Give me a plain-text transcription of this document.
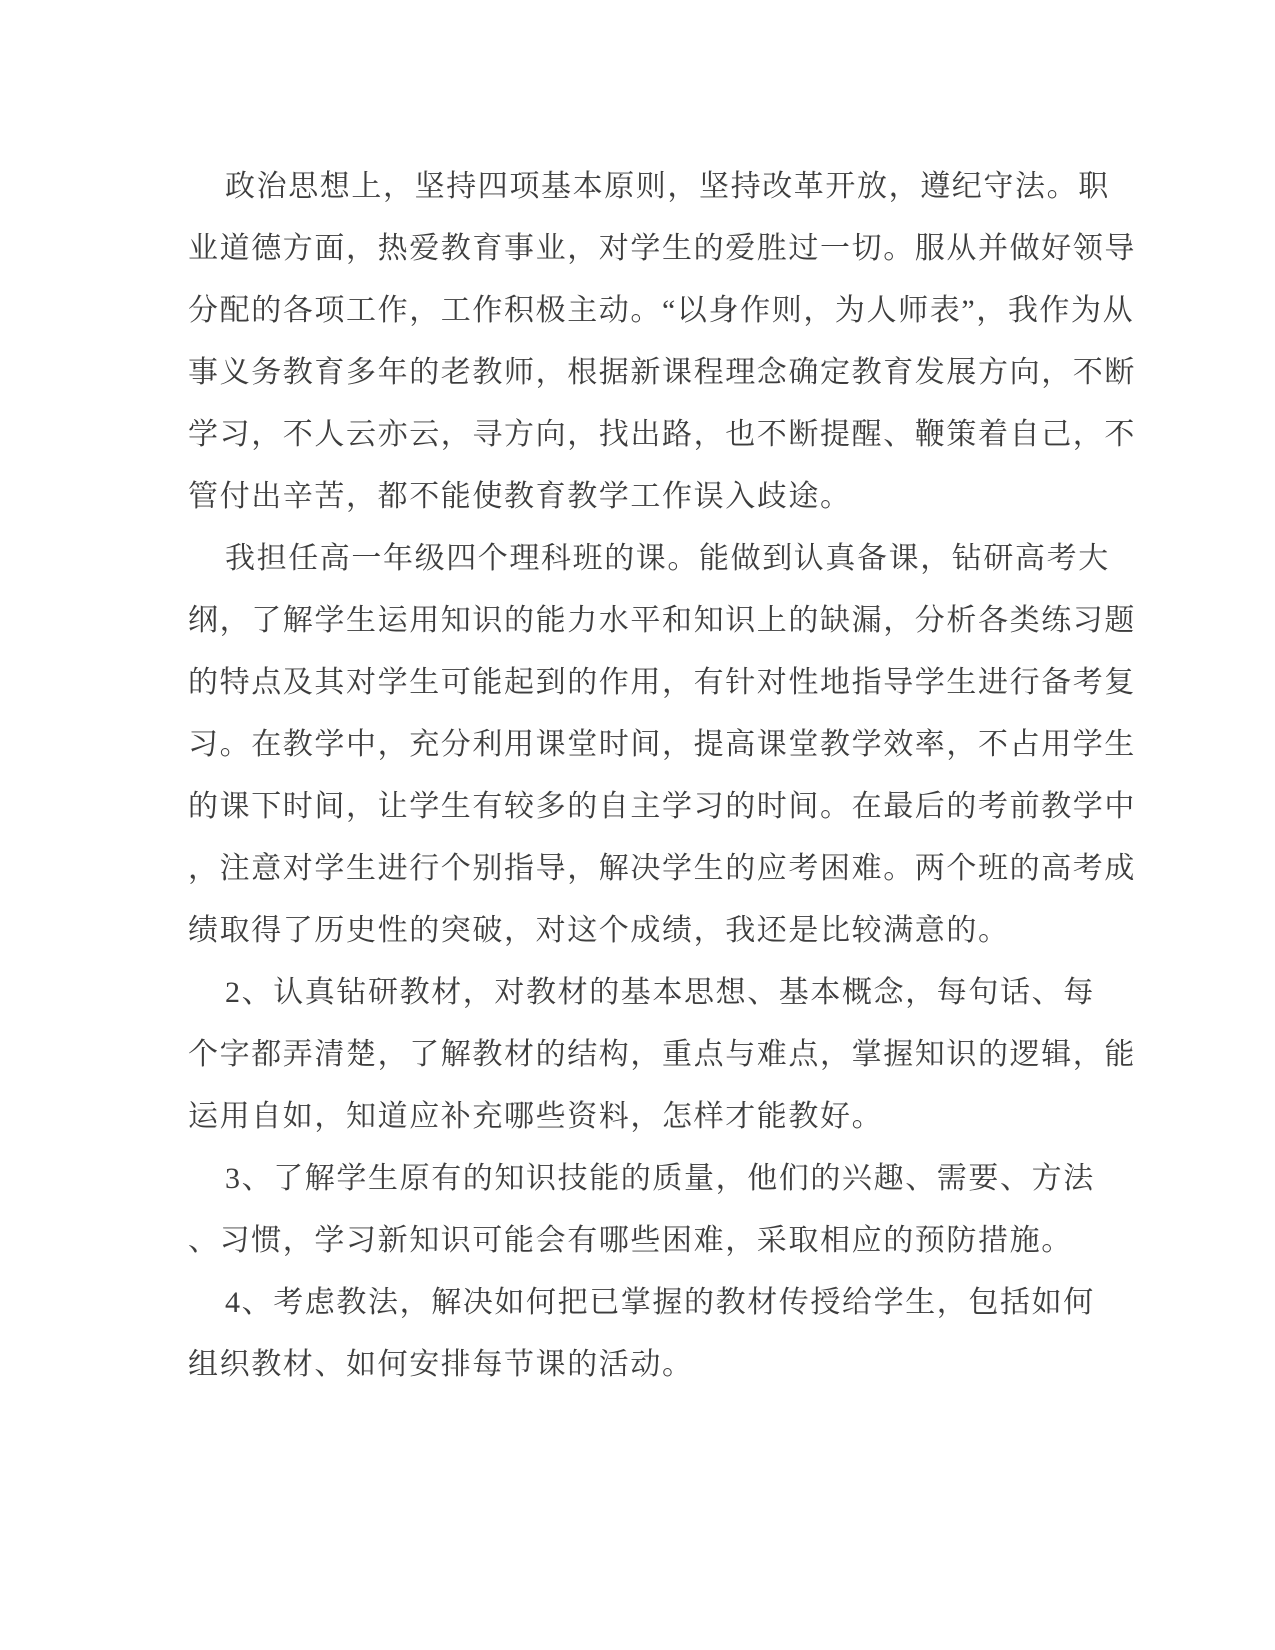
政治思想上，坚持四项基本原则，坚持改革开放，遵纪守法。职
业道德方面，热爱教育事业，对学生的爱胜过一切。服从并做好领导
分配的各项工作，工作积极主动。“以身作则，为人师表”，我作为从
事义务教育多年的老教师，根据新课程理念确定教育发展方向，不断
学习，不人云亦云，寻方向，找出路，也不断提醒、鞭策着自己，不
管付出辛苦，都不能使教育教学工作误入歧途。

我担任高一年级四个理科班的课。能做到认真备课，钻研高考大
纲，了解学生运用知识的能力水平和知识上的缺漏，分析各类练习题
的特点及其对学生可能起到的作用，有针对性地指导学生进行备考复
习。在教学中，充分利用课堂时间，提高课堂教学效率，不占用学生
的课下时间，让学生有较多的自主学习的时间。在最后的考前教学中
，注意对学生进行个别指导，解决学生的应考困难。两个班的高考成
绩取得了历史性的突破，对这个成绩，我还是比较满意的。

2、认真钻研教材，对教材的基本思想、基本概念，每句话、每
个字都弄清楚，了解教材的结构，重点与难点，掌握知识的逻辑，能
运用自如，知道应补充哪些资料，怎样才能教好。

3、了解学生原有的知识技能的质量，他们的兴趣、需要、方法
、习惯，学习新知识可能会有哪些困难，采取相应的预防措施。

4、考虑教法，解决如何把已掌握的教材传授给学生，包括如何
组织教材、如何安排每节课的活动。
